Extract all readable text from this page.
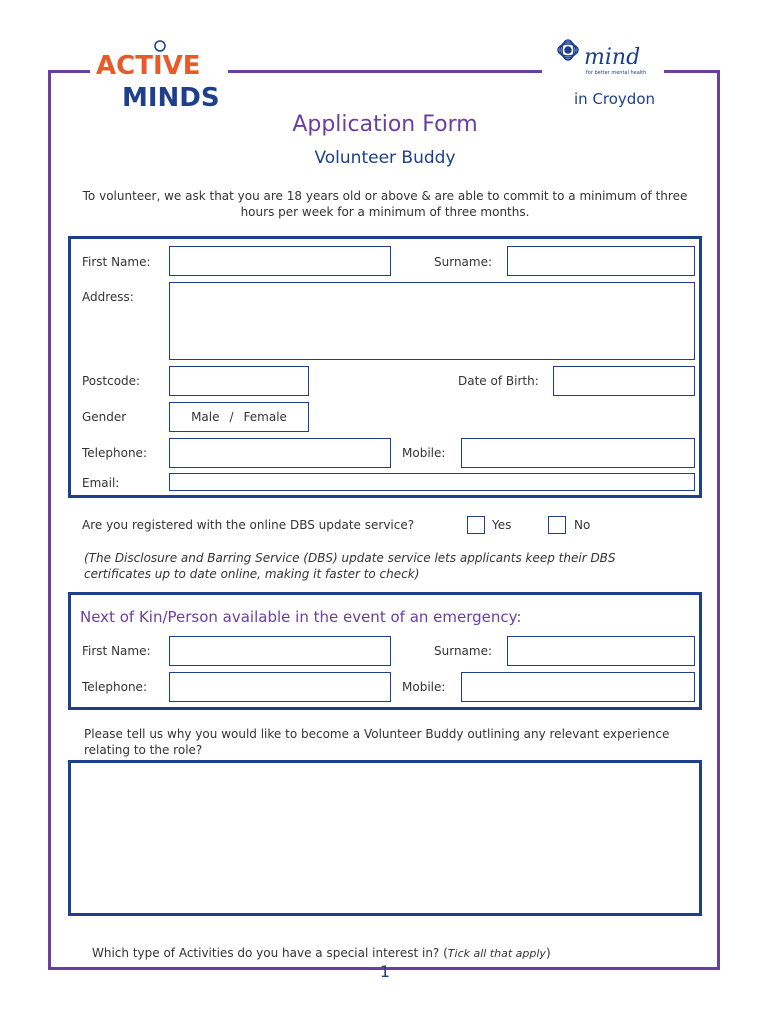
ACTIVE
MINDS
mind
for better mental health
in Croydon
Application Form
Volunteer Buddy
To volunteer, we ask that you are 18 years old or above & are able to commit to a minimum of three hours per week for a minimum of three months.
First Name:	Surname:
Address:
Postcode:	Date of Birth:
Gender	Male / Female
Telephone:	Mobile:
Email:
Are you registered with the online DBS update service?	Yes	No
(The Disclosure and Barring Service (DBS) update service lets applicants keep their DBS certificates up to date online, making it faster to check)
Next of Kin/Person available in the event of an emergency:
First Name:	Surname:
Telephone:	Mobile:
Please tell us why you would like to become a Volunteer Buddy outlining any relevant experience relating to the role?
Which type of Activities do you have a special interest in? (Tick all that apply)
1
